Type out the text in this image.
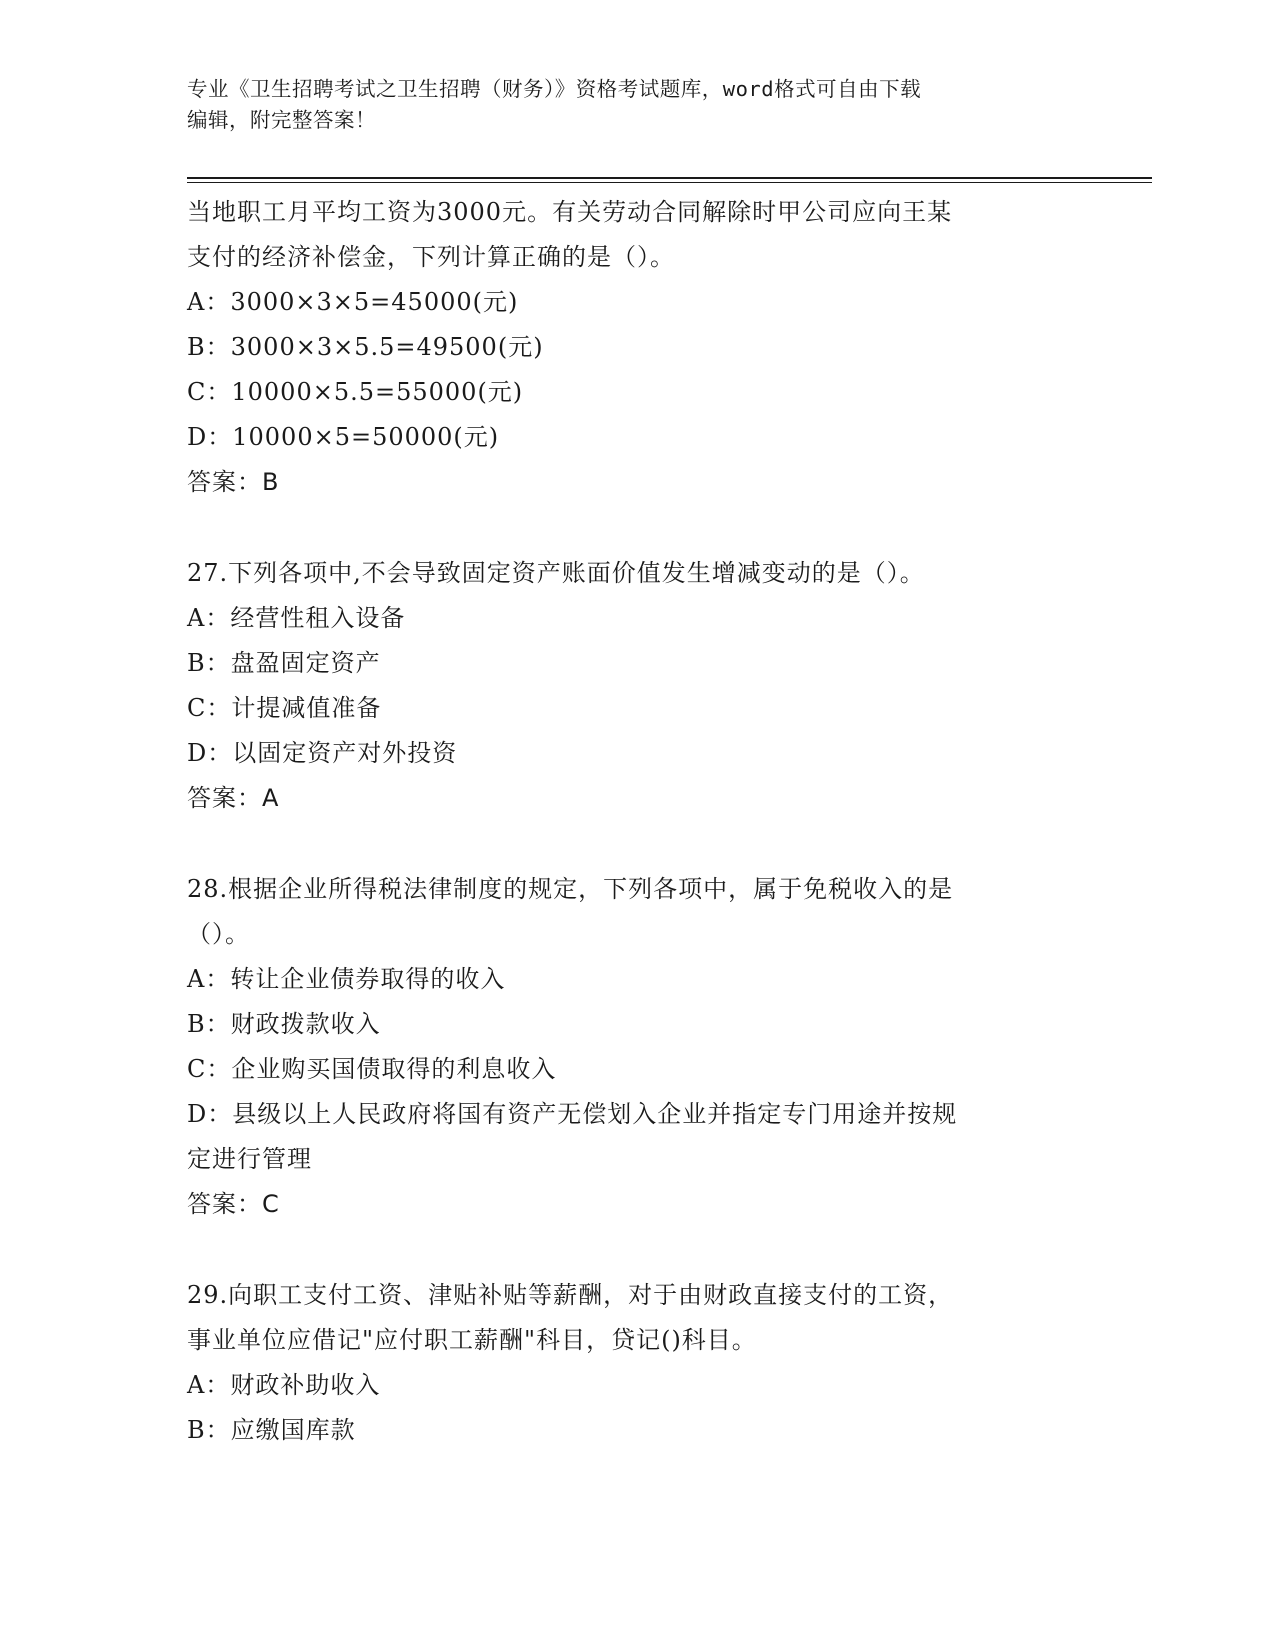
专业《卫生招聘考试之卫生招聘（财务）》资格考试题库，word格式可自由下载
编辑，附完整答案！
当地职工月平均工资为3000元。有关劳动合同解除时甲公司应向王某
支付的经济补偿金，下列计算正确的是（）。
A：3000×3×5=45000(元)
B：3000×3×5.5=49500(元)
C：10000×5.5=55000(元)
D：10000×5=50000(元)
答案：B
27.下列各项中,不会导致固定资产账面价值发生增减变动的是（）。
A：经营性租入设备
B：盘盈固定资产
C：计提减值准备
D：以固定资产对外投资
答案：A
28.根据企业所得税法律制度的规定，下列各项中，属于免税收入的是
（）。
A：转让企业债券取得的收入
B：财政拨款收入
C：企业购买国债取得的利息收入
D：县级以上人民政府将国有资产无偿划入企业并指定专门用途并按规
定进行管理
答案：C
29.向职工支付工资、津贴补贴等薪酬，对于由财政直接支付的工资，
事业单位应借记"应付职工薪酬"科目，贷记()科目。
A：财政补助收入
B：应缴国库款
